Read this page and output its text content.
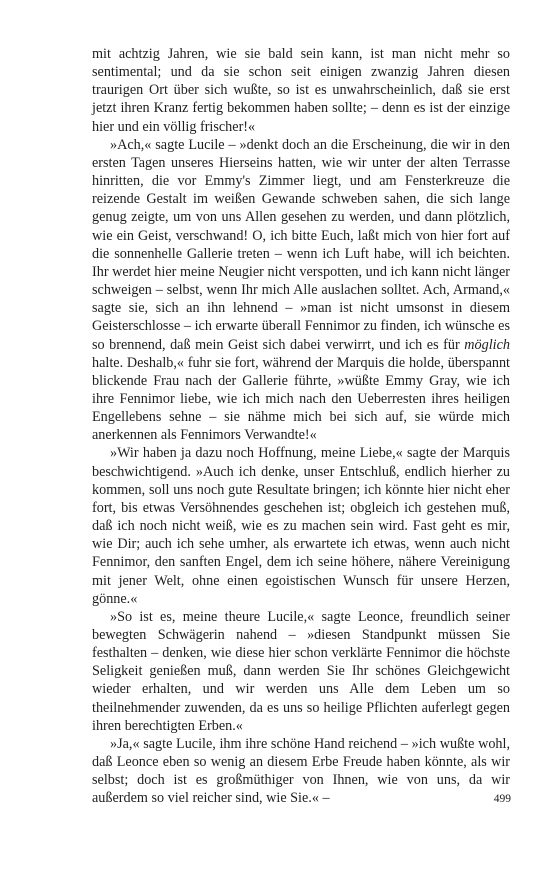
mit achtzig Jahren, wie sie bald sein kann, ist man nicht mehr so sentimental; und da sie schon seit einigen zwanzig Jahren diesen traurigen Ort über sich wußte, so ist es unwahrscheinlich, daß sie erst jetzt ihren Kranz fertig bekommen haben sollte; – denn es ist der einzige hier und ein völlig frischer!«

»Ach,« sagte Lucile – »denkt doch an die Erscheinung, die wir in den ersten Tagen unseres Hierseins hatten, wie wir unter der alten Terrasse hinritten, die vor Emmy's Zimmer liegt, und am Fensterkreuze die reizende Gestalt im weißen Gewande schweben sahen, die sich lange genug zeigte, um von uns Allen gesehen zu werden, und dann plötzlich, wie ein Geist, verschwand! O, ich bitte Euch, laßt mich von hier fort auf die sonnenhelle Gallerie treten – wenn ich Luft habe, will ich beichten. Ihr werdet hier meine Neugier nicht verspotten, und ich kann nicht länger schweigen – selbst, wenn Ihr mich Alle auslachen solltet. Ach, Armand,« sagte sie, sich an ihn lehnend – »man ist nicht umsonst in diesem Geisterschlosse – ich erwarte überall Fennimor zu finden, ich wünsche es so brennend, daß mein Geist sich dabei verwirrt, und ich es für möglich halte. Deshalb,« fuhr sie fort, während der Marquis die holde, überspannt blickende Frau nach der Gallerie führte, »wüßte Emmy Gray, wie ich ihre Fennimor liebe, wie ich mich nach den Ueberresten ihres heiligen Engellebens sehne – sie nähme mich bei sich auf, sie würde mich anerkennen als Fennimors Verwandte!«

»Wir haben ja dazu noch Hoffnung, meine Liebe,« sagte der Marquis beschwichtigend. »Auch ich denke, unser Entschluß, endlich hierher zu kommen, soll uns noch gute Resultate bringen; ich könnte hier nicht eher fort, bis etwas Versöhnendes geschehen ist; obgleich ich gestehen muß, daß ich noch nicht weiß, wie es zu machen sein wird. Fast geht es mir, wie Dir; auch ich sehe umher, als erwartete ich etwas, wenn auch nicht Fennimor, den sanften Engel, dem ich seine höhere, nähere Vereinigung mit jener Welt, ohne einen egoistischen Wunsch für unsere Herzen, gönne.«

»So ist es, meine theure Lucile,« sagte Leonce, freundlich seiner bewegten Schwägerin nahend – »diesen Standpunkt müssen Sie festhalten – denken, wie diese hier schon verklärte Fennimor die höchste Seligkeit genießen muß, dann werden Sie Ihr schönes Gleichgewicht wieder erhalten, und wir werden uns Alle dem Leben um so theilnehmender zuwenden, da es uns so heilige Pflichten auferlegt gegen ihren berechtigten Erben.«

»Ja,« sagte Lucile, ihm ihre schöne Hand reichend – »ich wußte wohl, daß Leonce eben so wenig an diesem Erbe Freude haben könnte, als wir selbst; doch ist es großmüthiger von Ihnen, wie von uns, da wir außerdem so viel reicher sind, wie Sie.« –	499
